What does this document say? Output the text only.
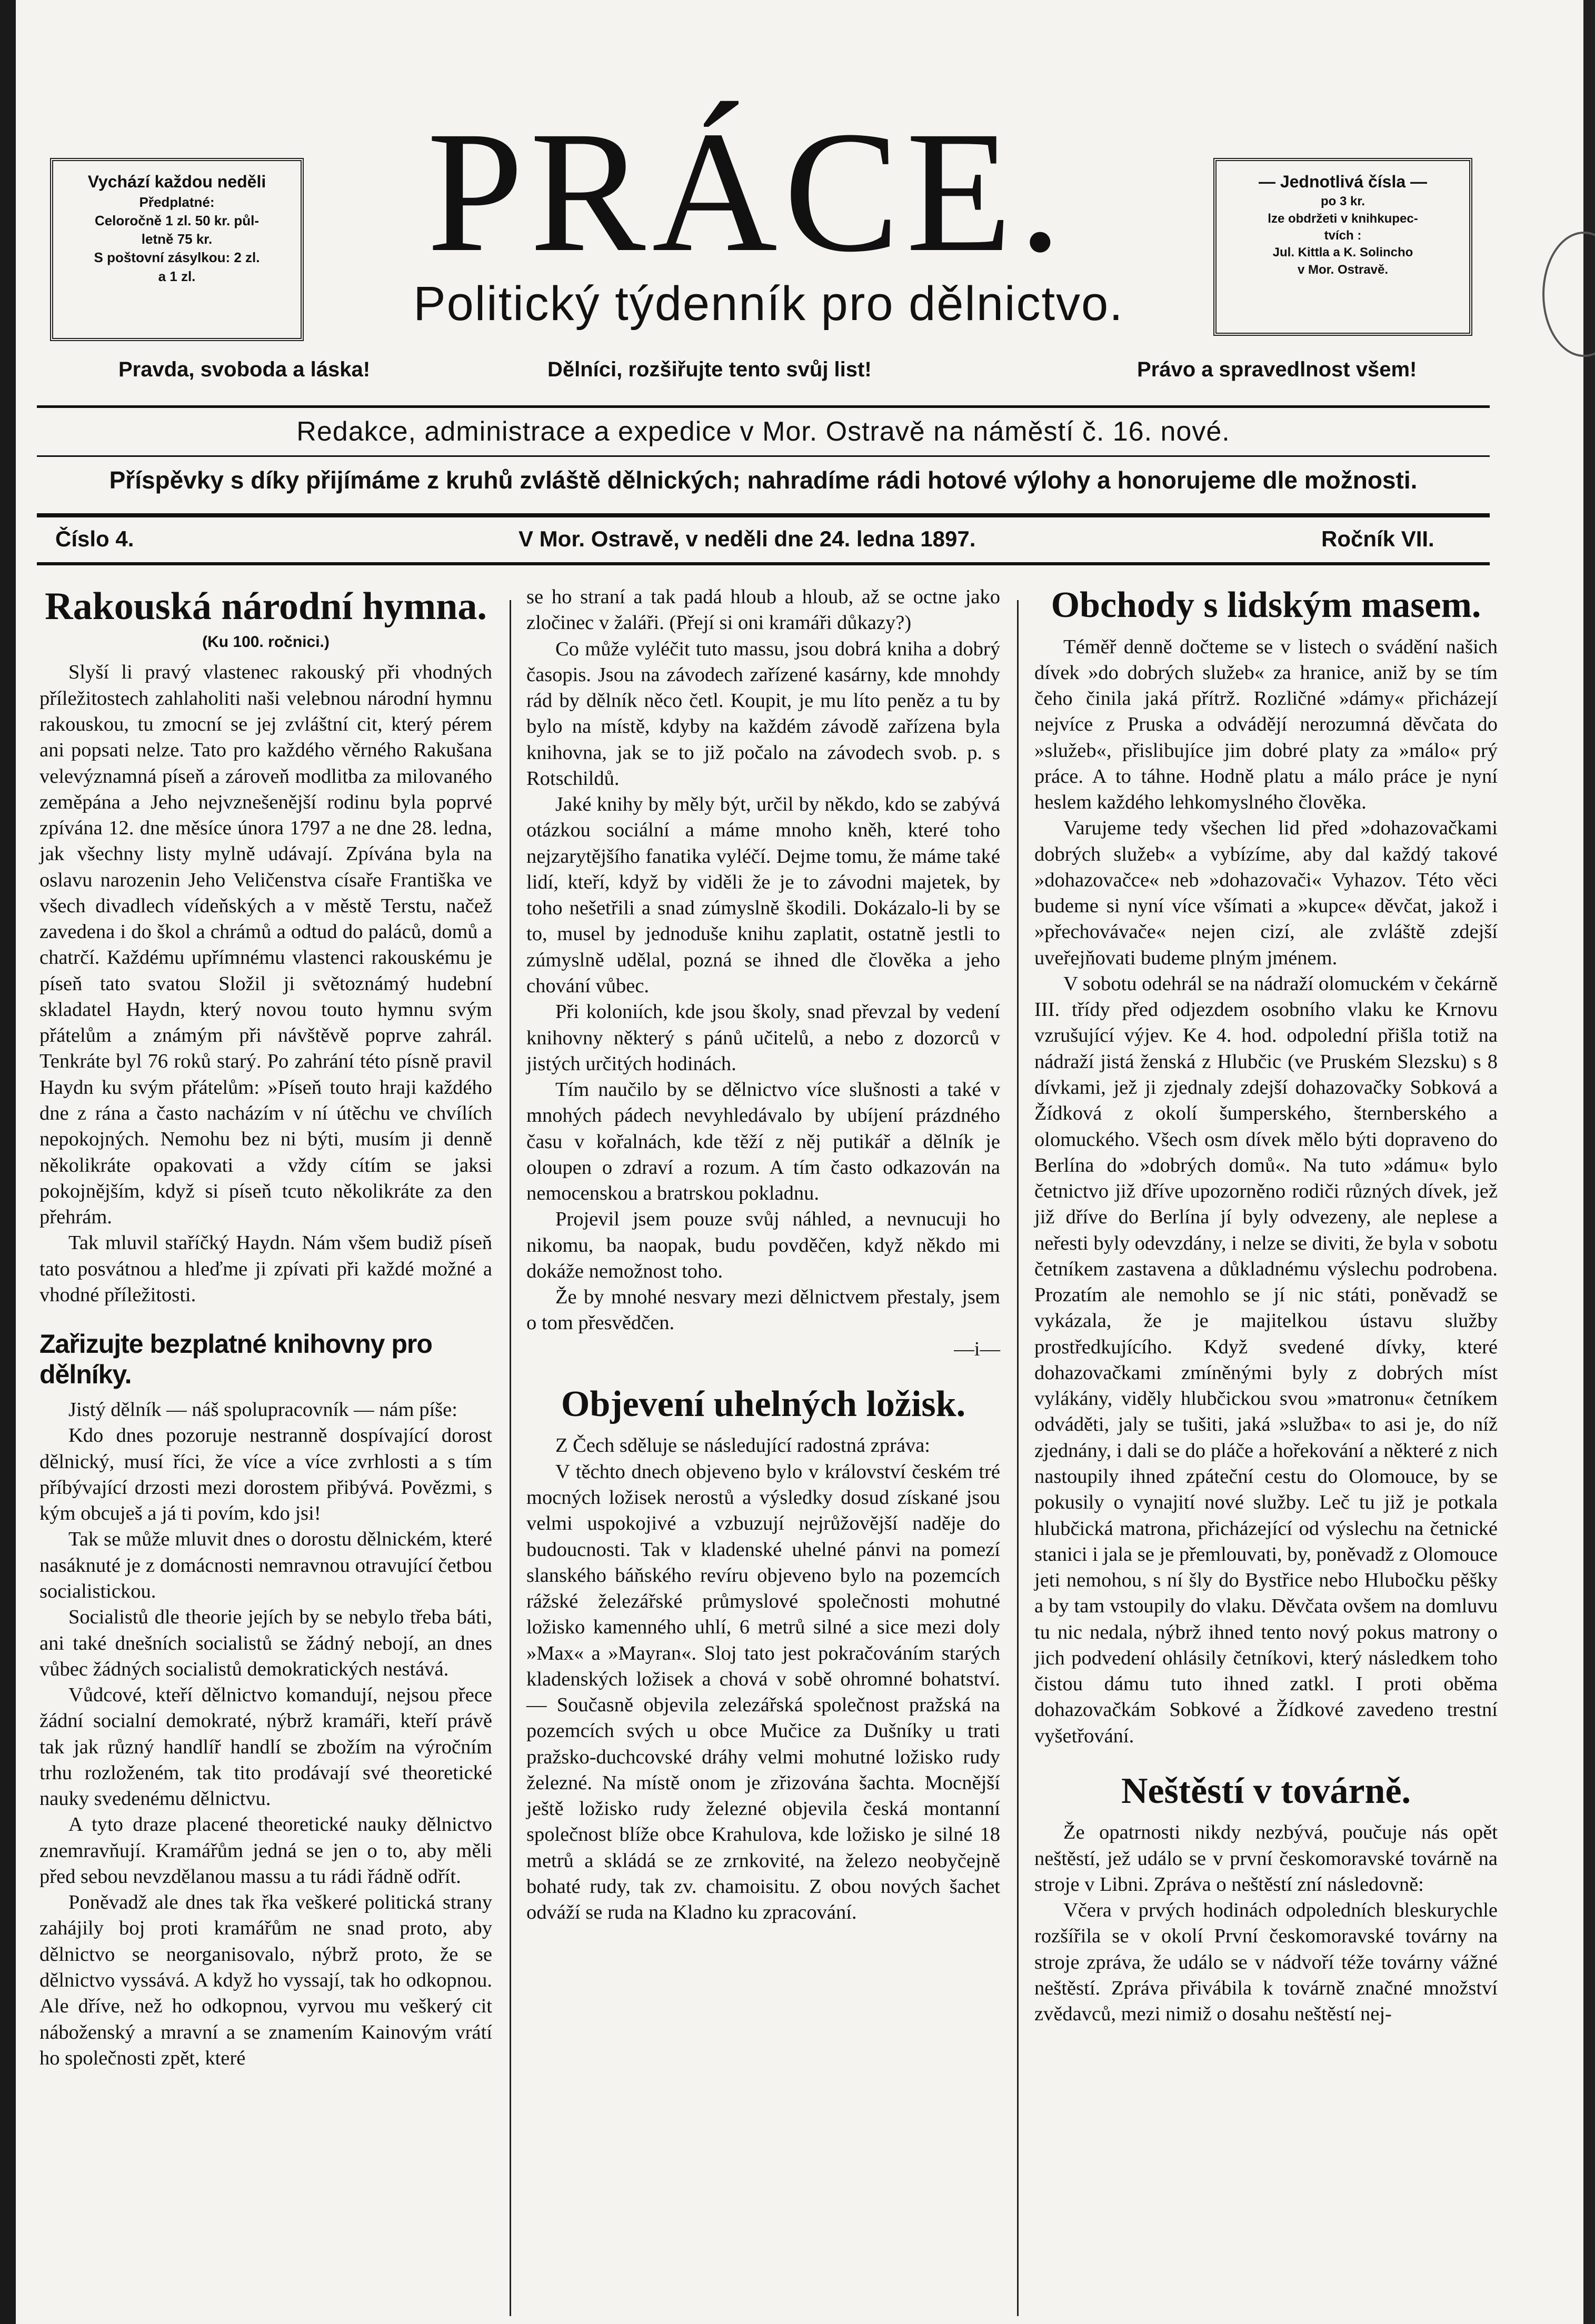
Vychází každou neděli
Předplatné:
Celoročně 1 zl. 50 kr. půl-
letně 75 kr.
S poštovní zásylkou: 2 zl.
a 1 zl.
— Jednotlivá čísla —
po 3 kr.
lze obdržeti v knihkupec-
tvích :
Jul. Kittla a K. Solincho
v Mor. Ostravě.
PRÁCE.
Politický týdenník pro dělnictvo.
Pravda, svoboda a láska!	Dělníci, rozšiřujte tento svůj list!	Právo a spravedlnost všem!
Redakce, administrace a expedice v Mor. Ostravě na náměstí č. 16. nové.
Příspěvky s díky přijímáme z kruhů zvláště dělnických; nahradíme rádi hotové výlohy a honorujeme dle možnosti.
Číslo 4.	V Mor. Ostravě, v neděli dne 24. ledna 1897.	Ročník VII.
Rakouská národní hymna.
(Ku 100. ročnici.)

Slyší li pravý vlastenec rakouský při vhodných příležitostech zahlaholiti naši velebnou národní hymnu rakouskou, tu zmocní se jej zvláštní cit, který pérem ani popsati nelze. Tato pro každého věrného Rakušana velevýznamná píseň a zároveň modlitba za milovaného zeměpána a Jeho nejvznešenější rodinu byla poprvé zpívána 12. dne měsíce února 1797 a ne dne 28. ledna, jak všechny listy mylně udávají. Zpívána byla na oslavu narozenin Jeho Veličenstva císaře Františka ve všech divadlech vídeňských a v městě Terstu, načež zavedena i do škol a chrámů a odtud do paláců, domů a chatrčí. Každému upřímnému vlastenci rakouskému je píseň tato svatou Složil ji světoznámý hudební skladatel Haydn, který novou touto hymnu svým přátelům a známým při návštěvě poprve zahrál. Tenkráte byl 76 roků starý. Po zahrání této písně pravil Haydn ku svým přátelům: »Píseň touto hraji každého dne z rána a často nacházím v ní útěchu ve chvílích nepokojných. Nemohu bez ni býti, musím ji denně několikráte opakovati a vždy cítím se jaksi pokojnějším, když si píseň tcuto několikráte za den přehrám.

Tak mluvil staříčký Haydn. Nám všem budiž píseň tato posvátnou a hleďme ji zpívati při každé možné a vhodné příležitosti.

Zařizujte bezplatné knihovny pro dělníky.

Jistý dělník — náš spolupracovník — nám píše:

Kdo dnes pozoruje nestranně dospívající dorost dělnický, musí říci, že více a více zvrhlosti a s tím příbývající drzosti mezi dorostem přibývá. Povězmi, s kým obcuješ a já ti povím, kdo jsi!

Tak se může mluvit dnes o dorostu dělnickém, které nasáknuté je z domácnosti nemravnou otravující četbou socialistickou.

Socialistů dle theorie jejích by se nebylo třeba báti, ani také dnešních socialistů se žádný nebojí, an dnes vůbec žádných socialistů demokratických nestává.

Vůdcové, kteří dělnictvo komandují, nejsou přece žádní socialní demokraté, nýbrž kramáři, kteří právě tak jak různý handlíř handlí se zbožím na výročním trhu rozloženém, tak tito prodávají své theoretické nauky svedenému dělnictvu.

A tyto draze placené theoretické nauky dělnictvo znemravňují. Kramářům jedná se jen o to, aby měli před sebou nevzdělanou massu a tu rádi řádně odřít.

Poněvadž ale dnes tak řka veškeré politická strany zahájily boj proti kramářům ne snad proto, aby dělnictvo se neorganisovalo, nýbrž proto, že se dělnictvo vyssává. A když ho vyssají, tak ho odkopnou. Ale dříve, než ho odkopnou, vyrvou mu veškerý cit náboženský a mravní a se znamením Kainovým vrátí ho společnosti zpět, které

se ho straní a tak padá hloub a hloub, až se octne jako zločinec v žaláři. (Přejí si oni kramáři důkazy?)

Co může vyléčit tuto massu, jsou dobrá kniha a dobrý časopis. Jsou na závodech zařízené kasárny, kde mnohdy rád by dělník něco četl. Koupit, je mu líto peněz a tu by bylo na místě, kdyby na každém závodě zařízena byla knihovna, jak se to již počalo na závodech svob. p. s Rotschildů.

Jaké knihy by měly být, určil by někdo, kdo se zabývá otázkou sociální a máme mnoho kněh, které toho nejzarytějšího fanatika vyléčí. Dejme tomu, že máme také lidí, kteří, když by viděli že je to závodni majetek, by toho nešetřili a snad zúmyslně škodili. Dokázalo-li by se to, musel by jednoduše knihu zaplatit, ostatně jestli to zúmyslně udělal, pozná se ihned dle člověka a jeho chování vůbec.

Při koloniích, kde jsou školy, snad převzal by vedení knihovny některý s pánů učitelů, a nebo z dozorců v jistých určitých hodinách.

Tím naučilo by se dělnictvo více slušnosti a také v mnohých pádech nevyhledávalo by ubíjení prázdného času v kořalnách, kde těží z něj putikář a dělník je oloupen o zdraví a rozum. A tím často odkazován na nemocenskou a bratrskou pokladnu.

Projevil jsem pouze svůj náhled, a nevnucuji ho nikomu, ba naopak, budu povděčen, když někdo mi dokáže nemožnost toho.

Že by mnohé nesvary mezi dělnictvem přestaly, jsem o tom přesvědčen.

—i—

Objevení uhelných ložisk.

Z Čech sděluje se následující radostná zpráva:

V těchto dnech objeveno bylo v království českém tré mocných ložisek nerostů a výsledky dosud získané jsou velmi uspokojivé a vzbuzují nejrůžovější naděje do budoucnosti. Tak v kladenské uhelné pánvi na pomezí slanského báňského revíru objeveno bylo na pozemcích rážské železářské průmyslové společnosti mohutné ložisko kamenného uhlí, 6 metrů silné a sice mezi doly »Max« a »Mayran«. Sloj tato jest pokračováním starých kladenských ložisek a chová v sobě ohromné bohatství. — Současně objevila zelezářská společnost pražská na pozemcích svých u obce Mučice za Dušníky u trati pražsko-duchcovské dráhy velmi mohutné ložisko rudy železné. Na místě onom je zřizována šachta. Mocnější ještě ložisko rudy železné objevila česká montanní společnost blíže obce Krahulova, kde ložisko je silné 18 metrů a skládá se ze zrnkovité, na železo neobyčejně bohaté rudy, tak zv. chamoisitu. Z obou nových šachet odváží se ruda na Kladno ku zpracování.

Obchody s lidským masem.

Téměř denně dočteme se v listech o svádění našich dívek »do dobrých služeb« za hranice, aniž by se tím čeho činila jaká přítrž. Rozličné »dámy« přicházejí nejvíce z Pruska a odvádějí nerozumná děvčata do »služeb«, přislibujíce jim dobré platy za »málo« prý práce. A to táhne. Hodně platu a málo práce je nyní heslem každého lehkomyslného člověka.

Varujeme tedy všechen lid před »dohazovačkami dobrých služeb« a vybízíme, aby dal každý takové »dohazovačce« neb »dohazovači« Vyhazov. Této věci budeme si nyní více všímati a »kupce« děvčat, jakož i »přechovávače« nejen cizí, ale zvláště zdejší uveřejňovati budeme plným jménem.

V sobotu odehrál se na nádraží olomuckém v čekárně III. třídy před odjezdem osobního vlaku ke Krnovu vzrušující výjev. Ke 4. hod. odpolední přišla totiž na nádraží jistá ženská z Hlubčic (ve Pruském Slezsku) s 8 dívkami, jež ji zjednaly zdejší dohazovačky Sobková a Žídková z okolí šumperského, šternberského a olomuckého. Všech osm dívek mělo býti dopraveno do Berlína do »dobrých domů«. Na tuto »dámu« bylo četnictvo již dříve upozorněno rodiči různých dívek, jež již dříve do Berlína jí byly odvezeny, ale neplese a neřesti byly odevzdány, i nelze se diviti, že byla v sobotu četníkem zastavena a důkladnému výslechu podrobena. Prozatím ale nemohlo se jí nic státi, poněvadž se vykázala, že je majitelkou ústavu služby prostředkujícího. Když svedené dívky, které dohazovačkami zmíněnými byly z dobrých míst vylákány, viděly hlubčickou svou »matronu« četníkem odváděti, jaly se tušiti, jaká »služba« to asi je, do níž zjednány, i dali se do pláče a hořekování a některé z nich nastoupily ihned zpáteční cestu do Olomouce, by se pokusily o vynajití nové služby. Leč tu již je potkala hlubčická matrona, přicházející od výslechu na četnické stanici i jala se je přemlouvati, by, poněvadž z Olomouce jeti nemohou, s ní šly do Bystřice nebo Hlubočku pěšky a by tam vstoupily do vlaku. Děvčata ovšem na domluvu tu nic nedala, nýbrž ihned tento nový pokus matrony o jich podvedení ohlásily četníkovi, který následkem toho čistou dámu tuto ihned zatkl. I proti oběma dohazovačkám Sobkové a Žídkové zavedeno trestní vyšetřování.

Neštěstí v továrně.

Že opatrnosti nikdy nezbývá, poučuje nás opět neštěstí, jež událo se v první českomoravské továrně na stroje v Libni. Zpráva o neštěstí zní následovně:

Včera v prvých hodinách odpoledních bleskurychle rozšířila se v okolí První českomoravské továrny na stroje zpráva, že událo se v nádvoří téže továrny vážné neštěstí. Zpráva přivábila k továrně značné množství zvědavců, mezi nimiž o dosahu neštěstí nej-
